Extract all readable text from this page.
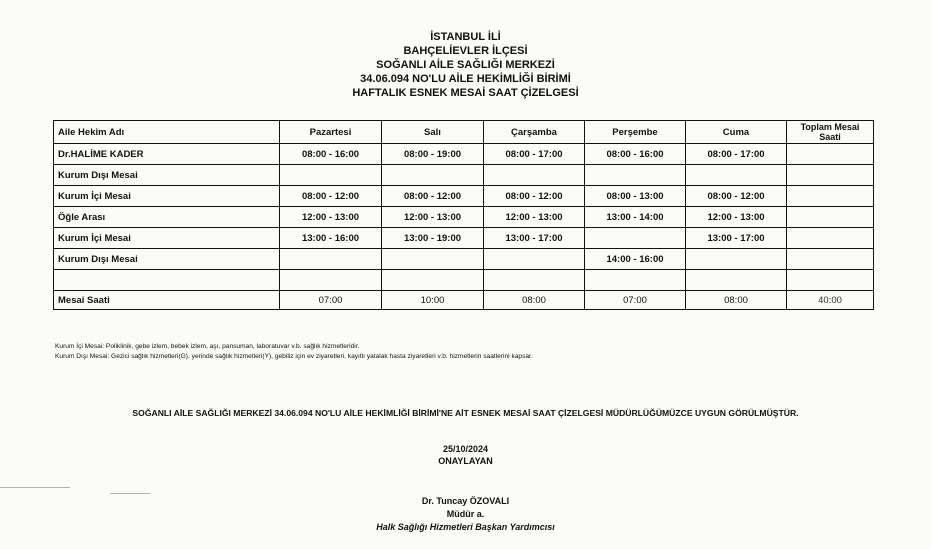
İSTANBUL İLİ
BAHÇELİEVLER İLÇESİ
SOĞANLI AİLE SAĞLIĞI MERKEZİ
34.06.094 NO'LU AİLE HEKİMLİĞİ BİRİMİ
HAFTALIK ESNEK MESAİ SAAT ÇİZELGESİ
Aile Hekim Adı	Pazartesi	Salı	Çarşamba	Perşembe	Cuma	Toplam Mesai Saati
Dr.HALİME KADER	08:00 - 16:00	08:00 - 19:00	08:00 - 17:00	08:00 - 16:00	08:00 - 17:00	
Kurum Dışı Mesai						
Kurum İçi Mesai	08:00 - 12:00	08:00 - 12:00	08:00 - 12:00	08:00 - 13:00	08:00 - 12:00	
Öğle Arası	12:00 - 13:00	12:00 - 13:00	12:00 - 13:00	13:00 - 14:00	12:00 - 13:00	
Kurum İçi Mesai	13:00 - 16:00	13:00 - 19:00	13:00 - 17:00		13:00 - 17:00	
Kurum Dışı Mesai				14:00 - 16:00		

Mesai Saati	07:00	10:00	08:00	07:00	08:00	40:00
Kurum İçi Mesai: Poliklinik, gebe izlem, bebek izlem, aşı, pansuman, laboratuvar v.b. sağlık hizmetleridir.
Kurum Dışı Mesai: Gezici sağlık hizmetleri(G), yerinde sağlık hizmetleri(Y), gebiliz için ev ziyaretleri, kayıtlı yatalak hasta ziyaretleri v.b. hizmetlerin saatlerini kapsar.
SOĞANLI AİLE SAĞLIĞI MERKEZİ 34.06.094 NO'LU AİLE HEKİMLİĞİ BİRİMİ'NE AİT ESNEK MESAİ SAAT ÇİZELGESİ MÜDÜRLÜĞÜMÜZCE UYGUN GÖRÜLMÜŞTÜR.
25/10/2024
ONAYLAYAN
Dr. Tuncay ÖZOVALI
Müdür a.
Halk Sağlığı Hizmetleri Başkan Yardımcısı
